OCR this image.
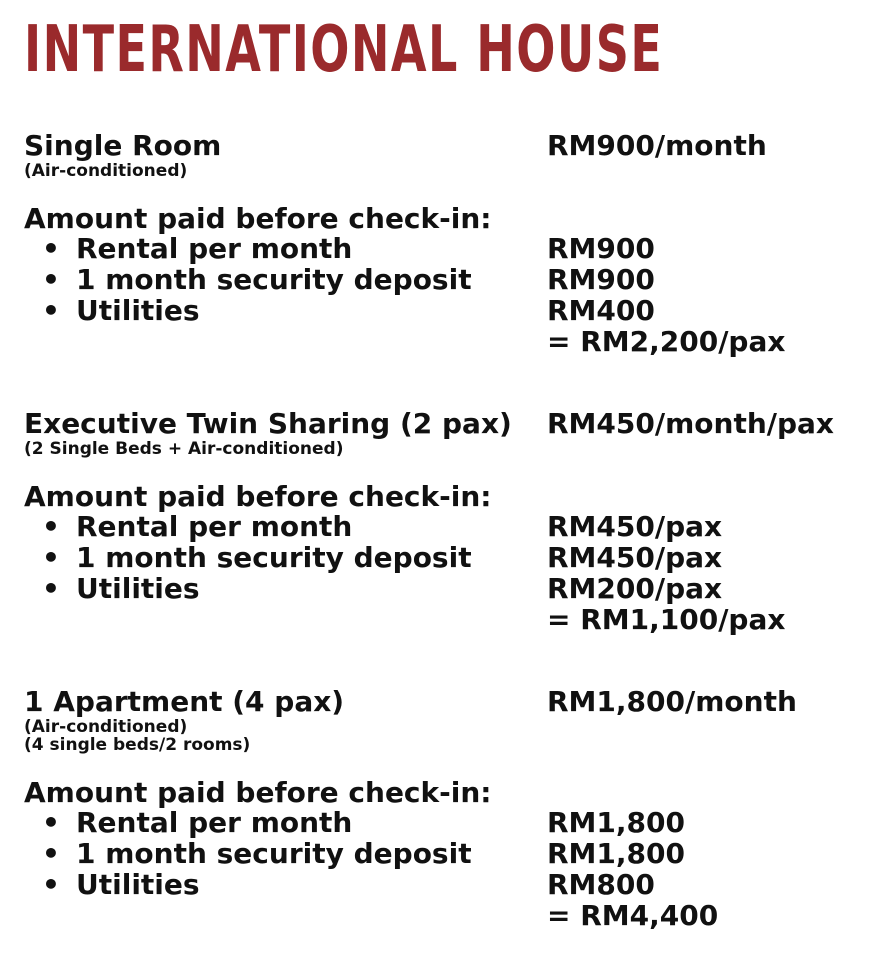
INTERNATIONAL HOUSE
Single Room	RM900/month
(Air-conditioned)
Amount paid before check-in:
• Rental per month	RM900
• 1 month security deposit	RM900
• Utilities	RM400
= RM2,200/pax
Executive Twin Sharing (2 pax) RM450/month/pax
(2 Single Beds + Air-conditioned)
Amount paid before check-in:
• Rental per month	RM450/pax
• 1 month security deposit	RM450/pax
• Utilities	RM200/pax
= RM1,100/pax
1 Apartment (4 pax)	RM1,800/month
(Air-conditioned)
(4 single beds/2 rooms)
Amount paid before check-in:
• Rental per month	RM1,800
• 1 month security deposit	RM1,800
• Utilities	RM800
= RM4,400
